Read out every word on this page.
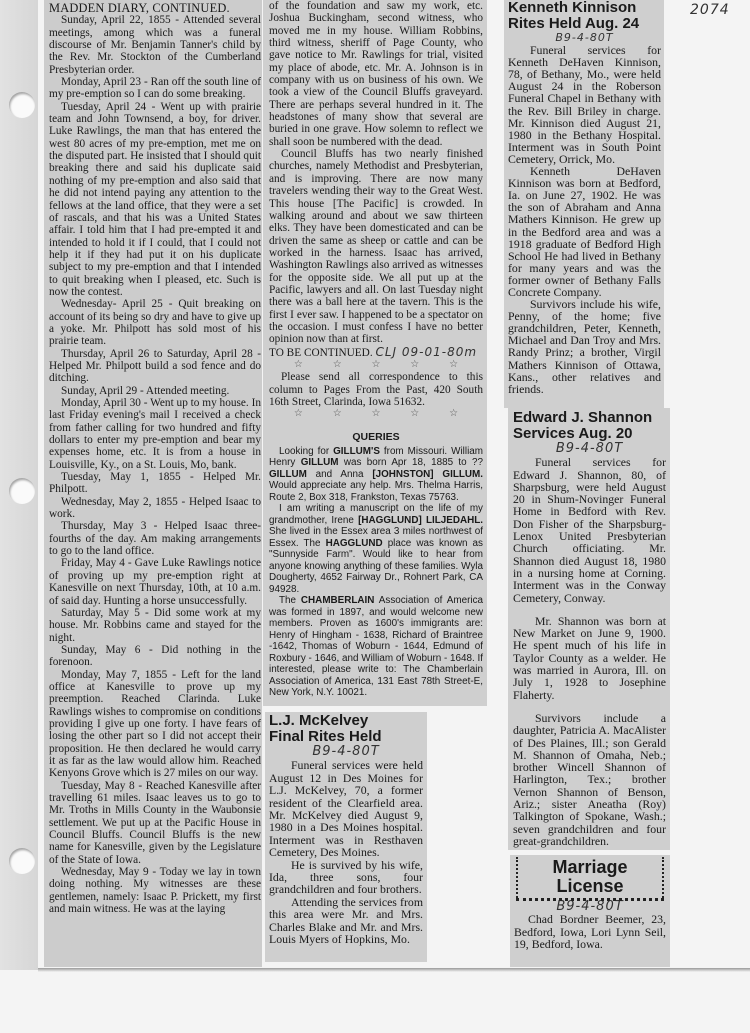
2074

MADDEN DIARY, CONTINUED.

Sunday, April 22, 1855 - Attended several meetings, among which was a funeral discourse of Mr. Benjamin Tanner's child by the Rev. Mr. Stockton of the Cumberland Presbyterian order.

Monday, April 23 - Ran off the south line of my pre-emption so I can do some breaking.

Tuesday, April 24 - Went up with prairie team and John Townsend, a boy, for driver. Luke Rawlings, the man that has entered the west 80 acres of my pre-emption, met me on the disputed part. He insisted that I should quit breaking there and said his duplicate said nothing of my pre-emption and also said that he did not intend paying any attention to the fellows at the land office, that they were a set of rascals, and that his was a United States affair. I told him that I had pre-empted it and intended to hold it if I could, that I could not help it if they had put it on his duplicate subject to my pre-emption and that I intended to quit breaking when I pleased, etc. Such is now the contest.

Wednesday- April 25 - Quit breaking on account of its being so dry and have to give up a yoke. Mr. Philpott has sold most of his prairie team.

Thursday, April 26 to Saturday, April 28 -Helped Mr. Philpott build a sod fence and do ditching.

Sunday, April 29 - Attended meeting.

Monday, April 30 - Went up to my house. In last Friday evening's mail I received a check from father calling for two hundred and fifty dollars to enter my pre-emption and bear my expenses home, etc. It is from a house in Louisville, Ky., on a St. Louis, Mo, bank.

Tuesday, May 1, 1855 - Helped Mr. Philpott.

Wednesday, May 2, 1855 - Helped Isaac to work.

Thursday, May 3 - Helped Isaac three-fourths of the day. Am making arrangements to go to the land office.

Friday, May 4 - Gave Luke Rawlings notice of proving up my pre-emption right at Kanesville on next Thursday, 10th, at 10 a.m. of said day. Hunting a horse unsuccessfully.

Saturday, May 5 - Did some work at my house. Mr. Robbins came and stayed for the night.

Sunday, May 6 - Did nothing in the forenoon.

Monday, May 7, 1855 - Left for the land office at Kanesville to prove up my preemption. Reached Clarinda. Luke Rawlings wishes to compromise on conditions providing I give up one forty. I have fears of losing the other part so I did not accept their proposition. He then declared he would carry it as far as the law would allow him. Reached Kenyons Grove which is 27 miles on our way.

Tuesday, May 8 - Reached Kanesville after travelling 61 miles. Isaac leaves us to go to Mr. Troths in Mills County in the Waubonsie settlement. We put up at the Pacific House in Council Bluffs. Council Bluffs is the new name for Kanesville, given by the Legislature of the State of Iowa.

Wednesday, May 9 - Today we lay in town doing nothing. My witnesses are these gentlemen, namely: Isaac P. Prickett, my first and main witness. He was at the laying

of the foundation and saw my work, etc. Joshua Buckingham, second witness, who moved me in my house. William Robbins, third witness, sheriff of Page County, who gave notice to Mr. Rawlings for trial, visited my place of abode, etc. Mr. A. Johnson is in company with us on business of his own. We took a view of the Council Bluffs graveyard. There are perhaps several hundred in it. The headstones of many show that several are buried in one grave. How solemn to reflect we shall soon be numbered with the dead.

Council Bluffs has two nearly finished churches, namely Methodist and Presbyterian, and is improving. There are now many travelers wending their way to the Great West. This house [The Pacific] is crowded. In walking around and about we saw thirteen elks. They have been domesticated and can be driven the same as sheep or cattle and can be worked in the harness. Isaac has arrived, Washington Rawlings also arrived as witnesses for the opposite side. We all put up at the Pacific, lawyers and all. On last Tuesday night there was a ball here at the tavern. This is the first I ever saw. I happened to be a spectator on the occasion. I must confess I have no better opinion now than at first.

TO BE CONTINUED. CLJ 09-01-80m

☆	☆	☆	☆	☆

Please send all correspondence to this column to Pages From the Past, 420 South 16th Street, Clarinda, Iowa 51632.

☆	☆	☆	☆	☆
QUERIES

Looking for GILLUM'S from Missouri. William Henry GILLUM was born Apr 18, 1885 to ?? GILLUM and Anna [JOHNSTON] GILLUM. Would appreciate any help. Mrs. Thelma Harris, Route 2, Box 318, Frankston, Texas 75763.

I am writing a manuscript on the life of my grandmother, Irene [HAGGLUND] LILJEDAHL. She lived in the Essex area 3 miles northwest of Essex. The HAGGLUND place was known as "Sunnyside Farm". Would like to hear from anyone knowing anything of these families. Wyla Dougherty, 4652 Fairway Dr., Rohnert Park, CA 94928.

The CHAMBERLAIN Association of America was formed in 1897, and would welcome new members. Proven as 1600's immigrants are: Henry of Hingham - 1638, Richard of Braintree -1642, Thomas of Woburn - 1644, Edmund of Roxbury - 1646, and William of Woburn - 1648. If interested, please write to: The Chamberlain Association of America, 131 East 78th Street-E, New York, N.Y. 10021.

L.J. McKelvey
Final Rites Held
B9-4-80T

Funeral services were held August 12 in Des Moines for L.J. McKelvey, 70, a former resident of the Clearfield area. Mr. McKelvey died August 9, 1980 in a Des Moines hospital. Interment was in Resthaven Cemetery, Des Moines.

He is survived by his wife, Ida, three sons, four grandchildren and four brothers.

Attending the services from this area were Mr. and Mrs. Charles Blake and Mr. and Mrs. Louis Myers of Hopkins, Mo.

Kenneth Kinnison
Rites Held Aug. 24
B9-4-80T

Funeral services for Kenneth DeHaven Kinnison, 78, of Bethany, Mo., were held August 24 in the Roberson Funeral Chapel in Bethany with the Rev. Bill Briley in charge. Mr. Kinnison died August 21, 1980 in the Bethany Hospital. Interment was in South Point Cemetery, Orrick, Mo.

Kenneth DeHaven Kinnison was born at Bedford, Ia. on June 27, 1902. He was the son of Abraham and Anna Mathers Kinnison. He grew up in the Bedford area and was a 1918 graduate of Bedford High School He had lived in Bethany for many years and was the former owner of Bethany Falls Concrete Company.

Survivors include his wife, Penny, of the home; five grandchildren, Peter, Kenneth, Michael and Dan Troy and Mrs. Randy Prinz; a brother, Virgil Mathers Kinnison of Ottawa, Kans., other relatives and friends.

Edward J. Shannon
Services Aug. 20
B9-4-80T

Funeral services for Edward J. Shannon, 80, of Sharpsburg, were held August 20 in Shum-Novinger Funeral Home in Bedford with Rev. Don Fisher of the Sharpsburg-Lenox United Presbyterian Church officiating. Mr. Shannon died August 18, 1980 in a nursing home at Corning. Interment was in the Conway Cemetery, Conway.

Mr. Shannon was born at New Market on June 9, 1900. He spent much of his life in Taylor County as a welder. He was married in Aurora, Ill. on July 1, 1928 to Josephine Flaherty.

Survivors include a daughter, Patricia A. MacAlister of Des Plaines, Ill.; son Gerald M. Shannon of Omaha, Neb.; brother Wincell Shannon of Harlington, Tex.; brother Vernon Shannon of Benson, Ariz.; sister Aneatha (Roy) Talkington of Spokane, Wash.; seven grandchildren and four great-grandchildren.

Marriage
License
B9-4-80T

Chad Bordner Beemer, 23, Bedford, Iowa, Lori Lynn Seil, 19, Bedford, Iowa.
